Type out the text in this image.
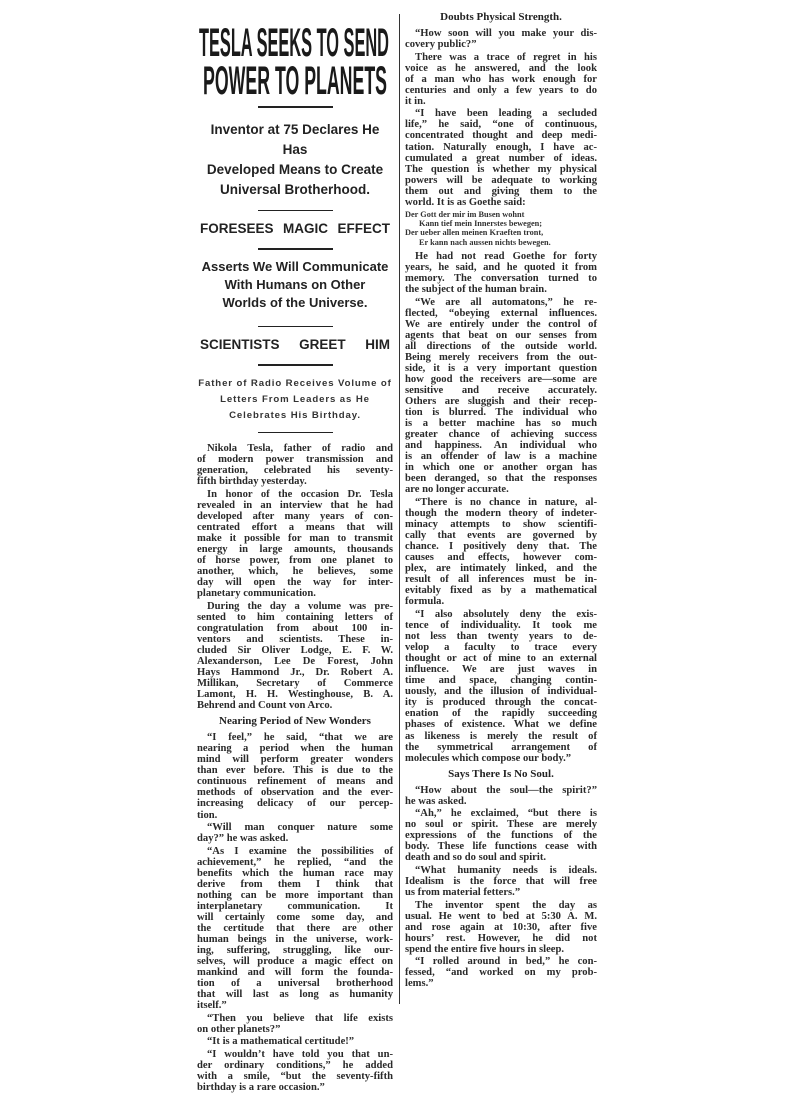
TESLA SEEKS TO SEND
POWER TO PLANETS
Inventor at 75 Declares He Has
Developed Means to Create
Universal Brotherhood.
FORESEES MAGIC EFFECT
Asserts We Will Communicate
With Humans on Other
Worlds of the Universe.
SCIENTISTS GREET HIM
Father of Radio Receives Volume of
Letters From Leaders as He
Celebrates His Birthday.
Nikola Tesla, father of radio and
of modern power transmission and
generation, celebrated his seventy-
fifth birthday yesterday.
In honor of the occasion Dr. Tesla
revealed in an interview that he had
developed after many years of con-
centrated effort a means that will
make it possible for man to transmit
energy in large amounts, thousands
of horse power, from one planet to
another, which, he believes, some
day will open the way for inter-
planetary communication.
During the day a volume was pre-
sented to him containing letters of
congratulation from about 100 in-
ventors and scientists. These in-
cluded Sir Oliver Lodge, E. F. W.
Alexanderson, Lee De Forest, John
Hays Hammond Jr., Dr. Robert A.
Millikan, Secretary of Commerce
Lamont, H. H. Westinghouse, B. A.
Behrend and Count von Arco.
Nearing Period of New Wonders
“I feel,” he said, “that we are
nearing a period when the human
mind will perform greater wonders
than ever before. This is due to the
continuous refinement of means and
methods of observation and the ever-
increasing delicacy of our percep-
tion.
“Will man conquer nature some
day?” he was asked.
“As I examine the possibilities of
achievement,” he replied, “and the
benefits which the human race may
derive from them I think that
nothing can be more important than
interplanetary communication. It
will certainly come some day, and
the certitude that there are other
human beings in the universe, work-
ing, suffering, struggling, like our-
selves, will produce a magic effect on
mankind and will form the founda-
tion of a universal brotherhood
that will last as long as humanity
itself.”
“Then you believe that life exists
on other planets?”
“It is a mathematical certitude!”
“I wouldn’t have told you that un-
der ordinary conditions,” he added
with a smile, “but the seventy-fifth
birthday is a rare occasion.”
Doubts Physical Strength.
“How soon will you make your dis-
covery public?”
There was a trace of regret in his
voice as he answered, and the look
of a man who has work enough for
centuries and only a few years to do
it in.
“I have been leading a secluded
life,” he said, “one of continuous,
concentrated thought and deep medi-
tation. Naturally enough, I have ac-
cumulated a great number of ideas.
The question is whether my physical
powers will be adequate to working
them out and giving them to the
world. It is as Goethe said:
Der Gott der mir im Busen wohnt
Kann tief mein Innerstes bewegen;
Der ueber allen meinen Kraeften tront,
Er kann nach aussen nichts bewegen.
He had not read Goethe for forty
years, he said, and he quoted it from
memory. The conversation turned to
the subject of the human brain.
“We are all automatons,” he re-
flected, “obeying external influences.
We are entirely under the control of
agents that beat on our senses from
all directions of the outside world.
Being merely receivers from the out-
side, it is a very important question
how good the receivers are—some are
sensitive and receive accurately.
Others are sluggish and their recep-
tion is blurred. The individual who
is a better machine has so much
greater chance of achieving success
and happiness. An individual who
is an offender of law is a machine
in which one or another organ has
been deranged, so that the responses
are no longer accurate.
“There is no chance in nature, al-
though the modern theory of indeter-
minacy attempts to show scientifi-
cally that events are governed by
chance. I positively deny that. The
causes and effects, however com-
plex, are intimately linked, and the
result of all inferences must be in-
evitably fixed as by a mathematical
formula.
“I also absolutely deny the exis-
tence of individuality. It took me
not less than twenty years to de-
velop a faculty to trace every
thought or act of mine to an external
influence. We are just waves in
time and space, changing contin-
uously, and the illusion of individual-
ity is produced through the concat-
enation of the rapidly succeeding
phases of existence. What we define
as likeness is merely the result of
the symmetrical arrangement of
molecules which compose our body.”
Says There Is No Soul.
“How about the soul—the spirit?”
he was asked.
“Ah,” he exclaimed, “but there is
no soul or spirit. These are merely
expressions of the functions of the
body. These life functions cease with
death and so do soul and spirit.
“What humanity needs is ideals.
Idealism is the force that will free
us from material fetters.”
The inventor spent the day as
usual. He went to bed at 5:30 A. M.
and rose again at 10:30, after five
hours’ rest. However, he did not
spend the entire five hours in sleep.
“I rolled around in bed,” he con-
fessed, “and worked on my prob-
lems.”
